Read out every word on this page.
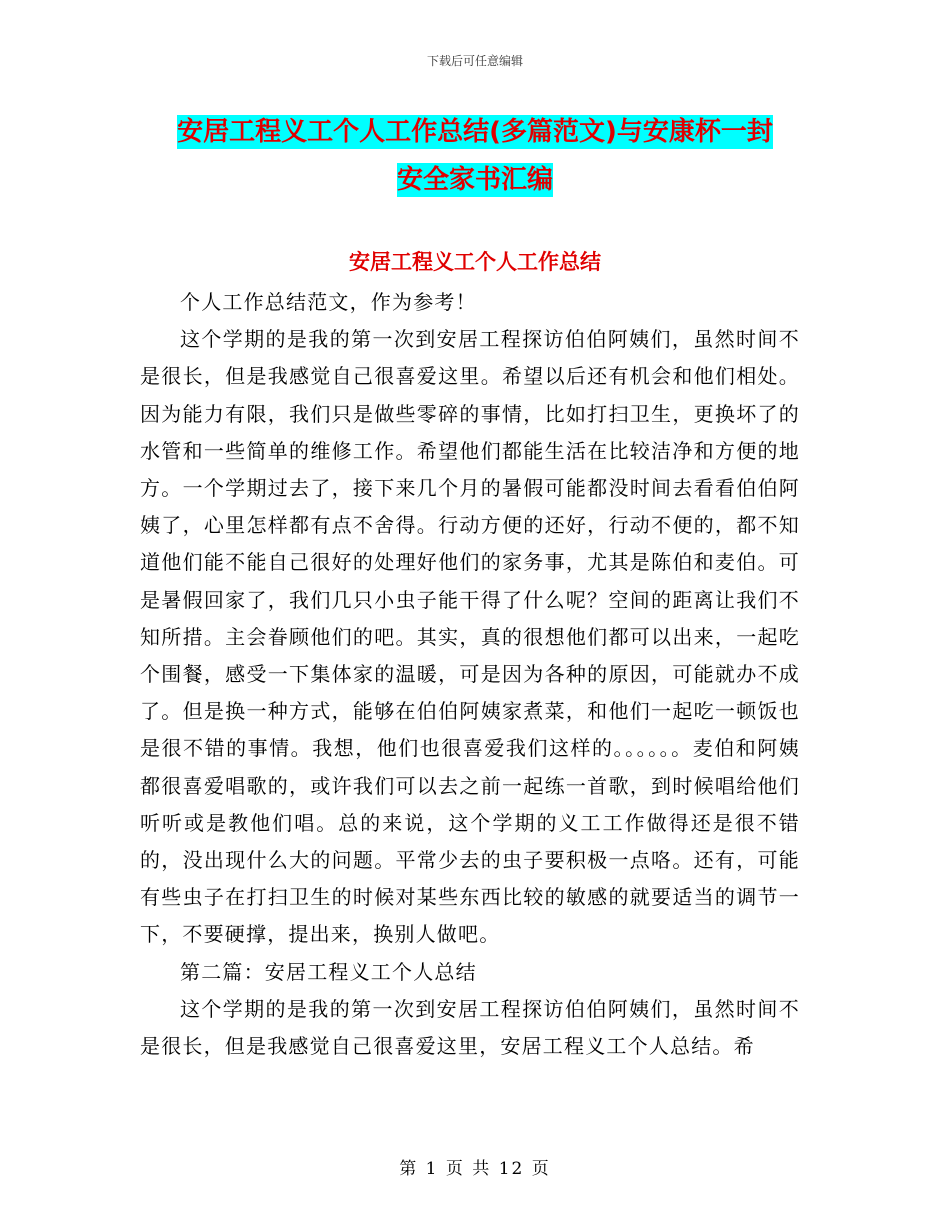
下载后可任意编辑
安居工程义工个人工作总结(多篇范文)与安康杯一封
安全家书汇编
安居工程义工个人工作总结

个人工作总结范文，作为参考！

这个学期的是我的第一次到安居工程探访伯伯阿姨们，虽然时间不是很长，但是我感觉自己很喜爱这里。希望以后还有机会和他们相处。因为能力有限，我们只是做些零碎的事情，比如打扫卫生，更换坏了的水管和一些简单的维修工作。希望他们都能生活在比较洁净和方便的地方。一个学期过去了，接下来几个月的暑假可能都没时间去看看伯伯阿姨了，心里怎样都有点不舍得。行动方便的还好，行动不便的，都不知道他们能不能自己很好的处理好他们的家务事，尤其是陈伯和麦伯。可是暑假回家了，我们几只小虫子能干得了什么呢？空间的距离让我们不知所措。主会眷顾他们的吧。其实，真的很想他们都可以出来，一起吃个围餐，感受一下集体家的温暖，可是因为各种的原因，可能就办不成了。但是换一种方式，能够在伯伯阿姨家煮菜，和他们一起吃一顿饭也是很不错的事情。我想，他们也很喜爱我们这样的。。。。。。麦伯和阿姨都很喜爱唱歌的，或许我们可以去之前一起练一首歌，到时候唱给他们听听或是教他们唱。总的来说，这个学期的义工工作做得还是很不错的，没出现什么大的问题。平常少去的虫子要积极一点咯。还有，可能有些虫子在打扫卫生的时候对某些东西比较的敏感的就要适当的调节一下，不要硬撑，提出来，换别人做吧。

第二篇：安居工程义工个人总结

这个学期的是我的第一次到安居工程探访伯伯阿姨们，虽然时间不是很长，但是我感觉自己很喜爱这里，安居工程义工个人总结。希

第 1 页 共 12 页
